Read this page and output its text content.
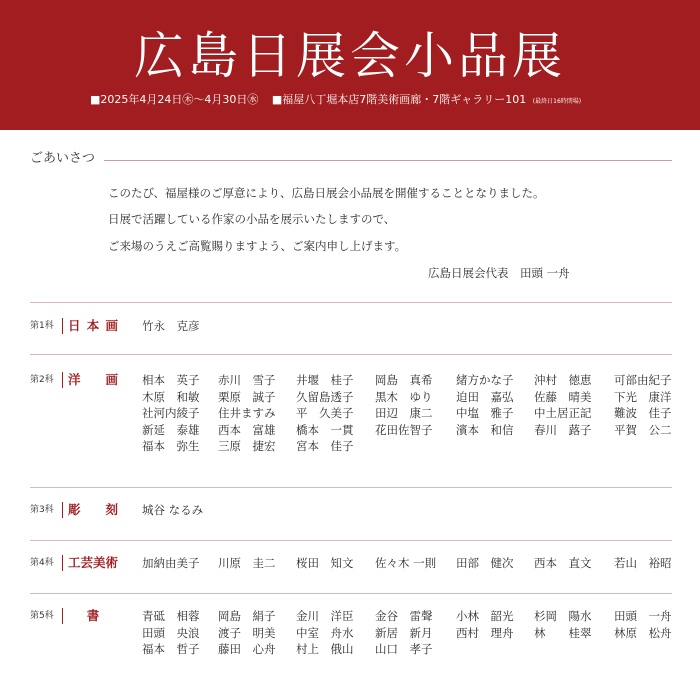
広島日展会小品展
■2025年4月24日㊍～4月30日㊌ ■福屋八丁堀本店7階美術画廊・7階ギャラリー101 (最終日16時閉場)
ごあいさつ
このたび、福屋様のご厚意により、広島日展会小品展を開催することとなりました。
日展で活躍している作家の小品を展示いたしますので、
ご来場のうえご高覧賜りますよう、ご案内申し上げます。
広島日展会代表　田頭 一舟
第1科 日 本 画 竹永　克彦
第2科 洋 画 相本　英子 赤川　雪子 井堰　桂子 岡島　真希 緒方かな子 沖村　徳恵 可部由紀子
木原　和敏 栗原　誠子 久留島透子 黒木　ゆり 迫田　嘉弘 佐藤　晴美 下光　康洋
社河内綾子 住井ますみ 平　久美子 田辺　康二 中塩　雅子 中土居正記 難波　佳子
新延　泰雄 西本　富雄 橋本　一貫 花田佐智子 濱本　和信 春川　蕗子 平賀　公二
福本　弥生 三原　捷宏 宮本　佳子
第3科 彫 刻 城谷 なるみ
第4科 工芸美術 加納由美子 川原　圭二 桜田　知文 佐々木 一則 田部　健次 西本　直文 若山　裕昭
第5科	書	青砥　相蓉 岡島　絹子 金川　洋臣 金谷　雷聲 小林　韶光 杉岡　陽水 田頭　一舟
田頭　央浪 渡子　明美 中室　舟水 新居　新月 西村　理舟 林　　桂翠 林原　松舟
福本　哲子 藤田　心舟 村上　俄山 山口　孝子
